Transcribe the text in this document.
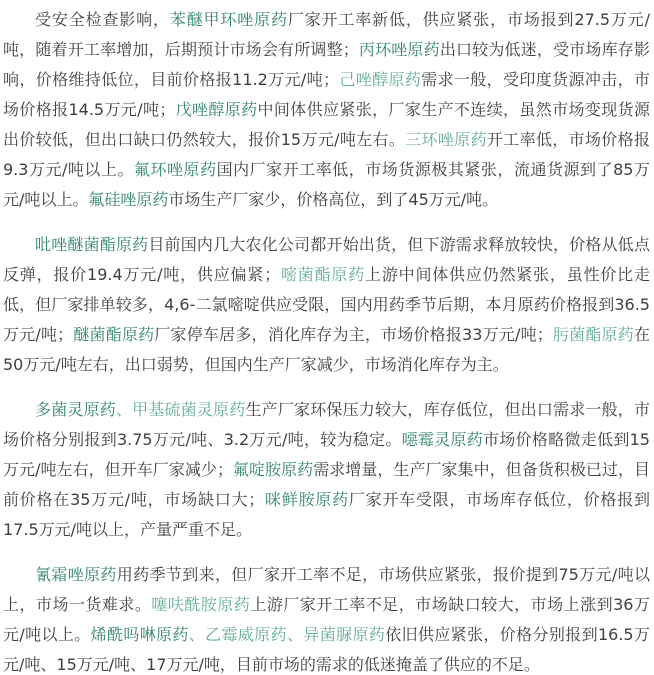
受安全检查影响，苯醚甲环唑原药厂家开工率新低，供应紧张，市场报到27.5万元/吨，随着开工率增加，后期预计市场会有所调整；丙环唑原药出口较为低迷，受市场库存影响，价格维持低位，目前价格报11.2万元/吨；己唑醇原药需求一般，受印度货源冲击，市场价格报14.5万元/吨；戊唑醇原药中间体供应紧张，厂家生产不连续，虽然市场变现货源出价较低，但出口缺口仍然较大，报价15万元/吨左右。三环唑原药开工率低，市场价格报9.3万元/吨以上。氟环唑原药国内厂家开工率低，市场货源极其紧张，流通货源到了85万元/吨以上。氟硅唑原药市场生产厂家少，价格高位，到了45万元/吨。

吡唑醚菌酯原药目前国内几大农化公司都开始出货，但下游需求释放较快，价格从低点反弹，报价19.4万元/吨，供应偏紧；嘧菌酯原药上游中间体供应仍然紧张，虽性价比走低，但厂家排单较多，4,6-二氯嘧啶供应受限，国内用药季节后期，本月原药价格报到36.5万元/吨；醚菌酯原药厂家停车居多，消化库存为主，市场价格报33万元/吨；肟菌酯原药在50万元/吨左右，出口弱势，但国内生产厂家减少，市场消化库存为主。

多菌灵原药、甲基硫菌灵原药生产厂家环保压力较大，库存低位，但出口需求一般，市场价格分别报到3.75万元/吨、3.2万元/吨，较为稳定。噁霉灵原药市场价格略微走低到15万元/吨左右，但开车厂家减少；氟啶胺原药需求增量，生产厂家集中，但备货积极已过，目前价格在35万元/吨，市场缺口大；咪鲜胺原药厂家开车受限，市场库存低位，价格报到17.5万元/吨以上，产量严重不足。

氰霜唑原药用药季节到来，但厂家开工率不足，市场供应紧张，报价提到75万元/吨以上，市场一货难求。噻呋酰胺原药上游厂家开工率不足，市场缺口较大，市场上涨到36万元/吨以上。烯酰吗啉原药、乙霉威原药、异菌脲原药依旧供应紧张，价格分别报到16.5万元/吨、15万元/吨、17万元/吨，目前市场的需求的低迷掩盖了供应的不足。
